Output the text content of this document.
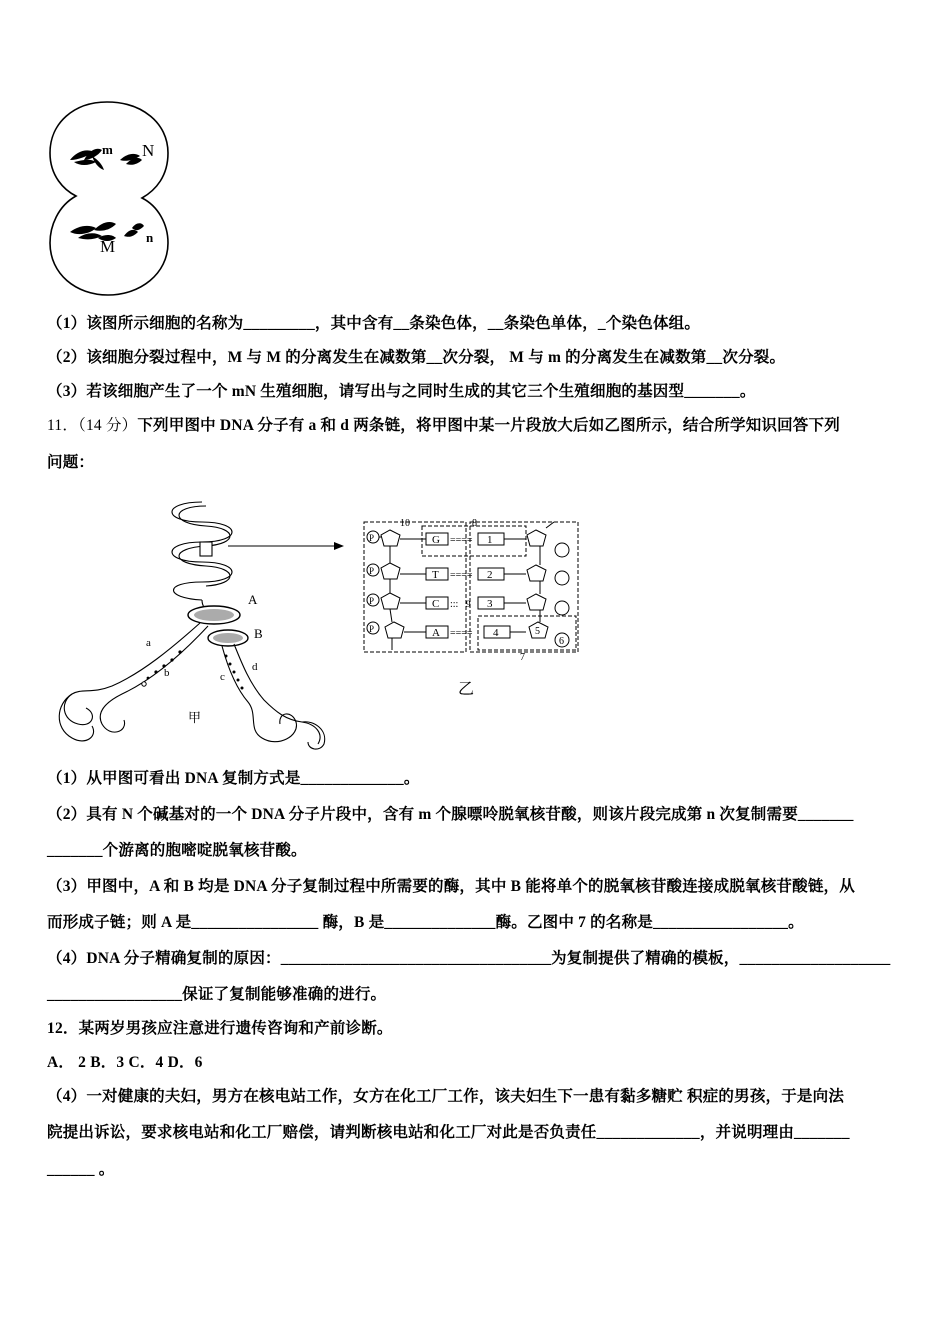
m N
M n
（1）该图所示细胞的名称为_________，其中含有__条染色体，__条染色单体，_个染色体组。
（2）该细胞分裂过程中，M 与 M 的分离发生在减数第__次分裂， M 与 m 的分离发生在减数第__次分裂。
（3）若该细胞产生了一个 mN 生殖细胞，请写出与之同时生成的其它三个生殖细胞的基因型_______。
11．（14 分）下列甲图中 DNA 分子有 a 和 d 两条链，将甲图中某一片段放大后如乙图所示，结合所学知识回答下列
问题：
A
B
a
b	c
d
甲
10	8
7
P	G ==== 1
P	T ==== 2
P	C ::: 9 3
P	A ==== 4	5
6
乙
（1）从甲图可看出 DNA 复制方式是_____________。
（2）具有 N 个碱基对的一个 DNA 分子片段中，含有 m 个腺嘌呤脱氧核苷酸，则该片段完成第 n 次复制需要_______
_______个游离的胞嘧啶脱氧核苷酸。
（3）甲图中，A 和 B 均是 DNA 分子复制过程中所需要的酶，其中 B 能将单个的脱氧核苷酸连接成脱氧核苷酸链，从
而形成子链；则 A 是________________ 酶，B 是______________酶。乙图中 7 的名称是_________________。
（4）DNA 分子精确复制的原因：__________________________________为复制提供了精确的模板，___________________
_________________保证了复制能够准确的进行。
12．某两岁男孩应注意进行遗传咨询和产前诊断。
A． 2 B．3 C．4 D．6
（4）一对健康的夫妇，男方在核电站工作，女方在化工厂工作，该夫妇生下一患有黏多糖贮 积症的男孩，于是向法
院提出诉讼，要求核电站和化工厂赔偿，请判断核电站和化工厂对此是否负责任_____________，并说明理由_______
______ 。
